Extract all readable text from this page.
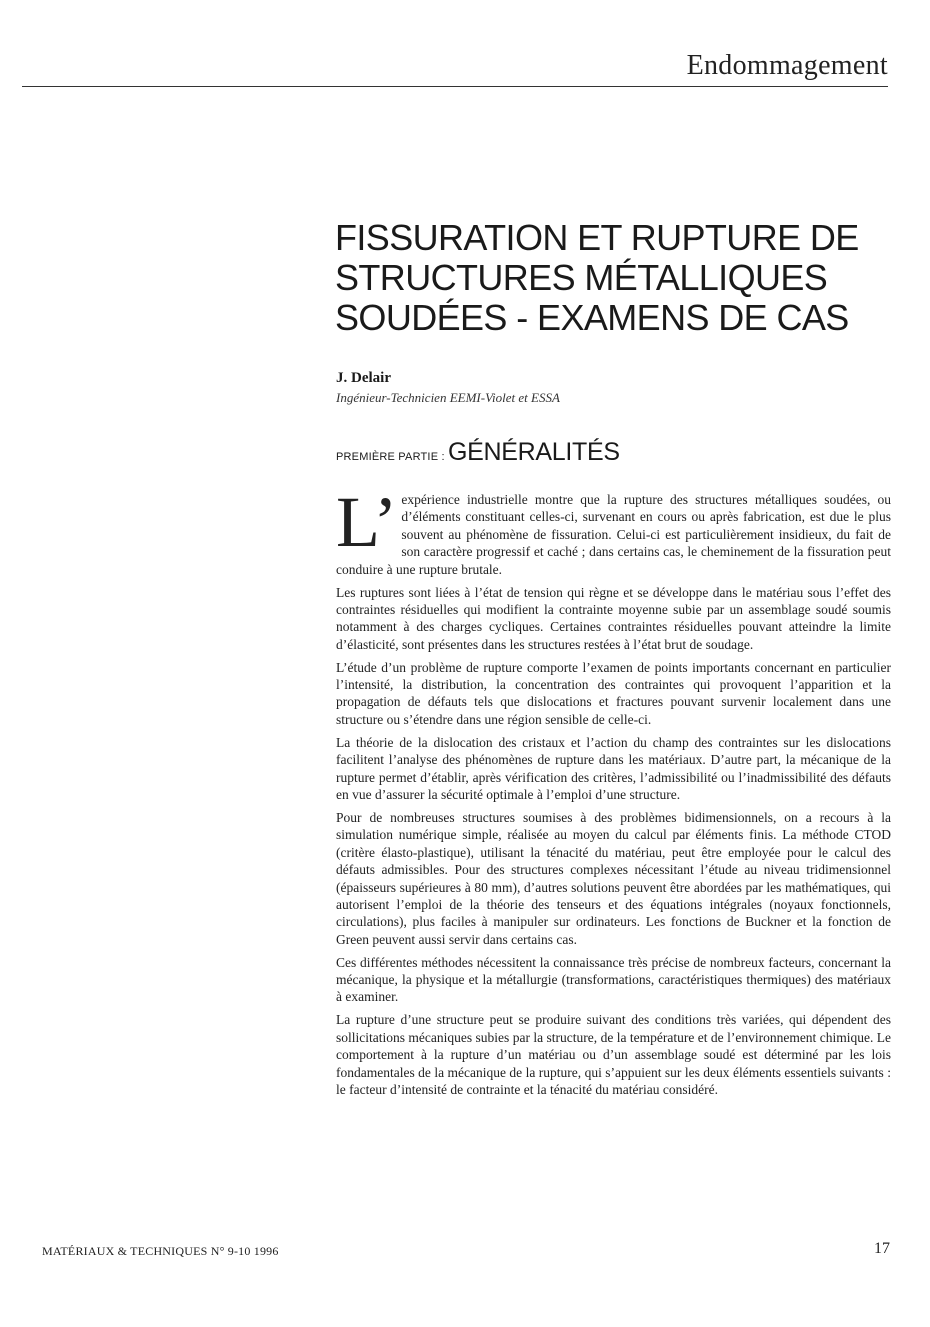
Endommagement
FISSURATION ET RUPTURE DE STRUCTURES MÉTALLIQUES SOUDÉES - EXAMENS DE CAS
J. Delair
Ingénieur-Technicien EEMI-Violet et ESSA
PREMIÈRE PARTIE : GÉNÉRALITÉS

L’ expérience industrielle montre que la rupture des structures métalliques soudées, ou d’éléments constituant celles-ci, survenant en cours ou après fabrication, est due le plus souvent au phénomène de fissuration. Celui-ci est particulièrement insidieux, du fait de son caractère progressif et caché ; dans certains cas, le cheminement de la fissuration peut conduire à une rupture brutale.

Les ruptures sont liées à l’état de tension qui règne et se développe dans le matériau sous l’effet des contraintes résiduelles qui modifient la contrainte moyenne subie par un assemblage soudé soumis notamment à des charges cycliques. Certaines contraintes résiduelles pouvant atteindre la limite d’élasticité, sont présentes dans les structures restées à l’état brut de soudage.

L’étude d’un problème de rupture comporte l’examen de points importants concernant en particulier l’intensité, la distribution, la concentration des contraintes qui provoquent l’apparition et la propagation de défauts tels que dislocations et fractures pouvant survenir localement dans une structure ou s’étendre dans une région sensible de celle-ci.

La théorie de la dislocation des cristaux et l’action du champ des contraintes sur les dislocations facilitent l’analyse des phénomènes de rupture dans les matériaux. D’autre part, la mécanique de la rupture permet d’établir, après vérification des critères, l’admissibilité ou l’inadmissibilité des défauts en vue d’assurer la sécurité optimale à l’emploi d’une structure.

Pour de nombreuses structures soumises à des problèmes bidimensionnels, on a recours à la simulation numérique simple, réalisée au moyen du calcul par éléments finis. La méthode CTOD (critère élasto-plastique), utilisant la ténacité du matériau, peut être employée pour le calcul des défauts admissibles. Pour des structures complexes nécessitant l’étude au niveau tridimensionnel (épaisseurs supérieures à 80 mm), d’autres solutions peuvent être abordées par les mathématiques, qui autorisent l’emploi de la théorie des tenseurs et des équations intégrales (noyaux fonctionnels, circulations), plus faciles à manipuler sur ordinateurs. Les fonctions de Buckner et la fonction de Green peuvent aussi servir dans certains cas.

Ces différentes méthodes nécessitent la connaissance très précise de nombreux facteurs, concernant la mécanique, la physique et la métallurgie (transformations, caractéristiques thermiques) des matériaux à examiner.

La rupture d’une structure peut se produire suivant des conditions très variées, qui dépendent des sollicitations mécaniques subies par la structure, de la température et de l’environnement chimique. Le comportement à la rupture d’un matériau ou d’un assemblage soudé est déterminé par les lois fondamentales de la mécanique de la rupture, qui s’appuient sur les deux éléments essentiels suivants : le facteur d’intensité de contrainte et la ténacité du matériau considéré.

MATÉRIAUX & TECHNIQUES N° 9-10 1996	17
